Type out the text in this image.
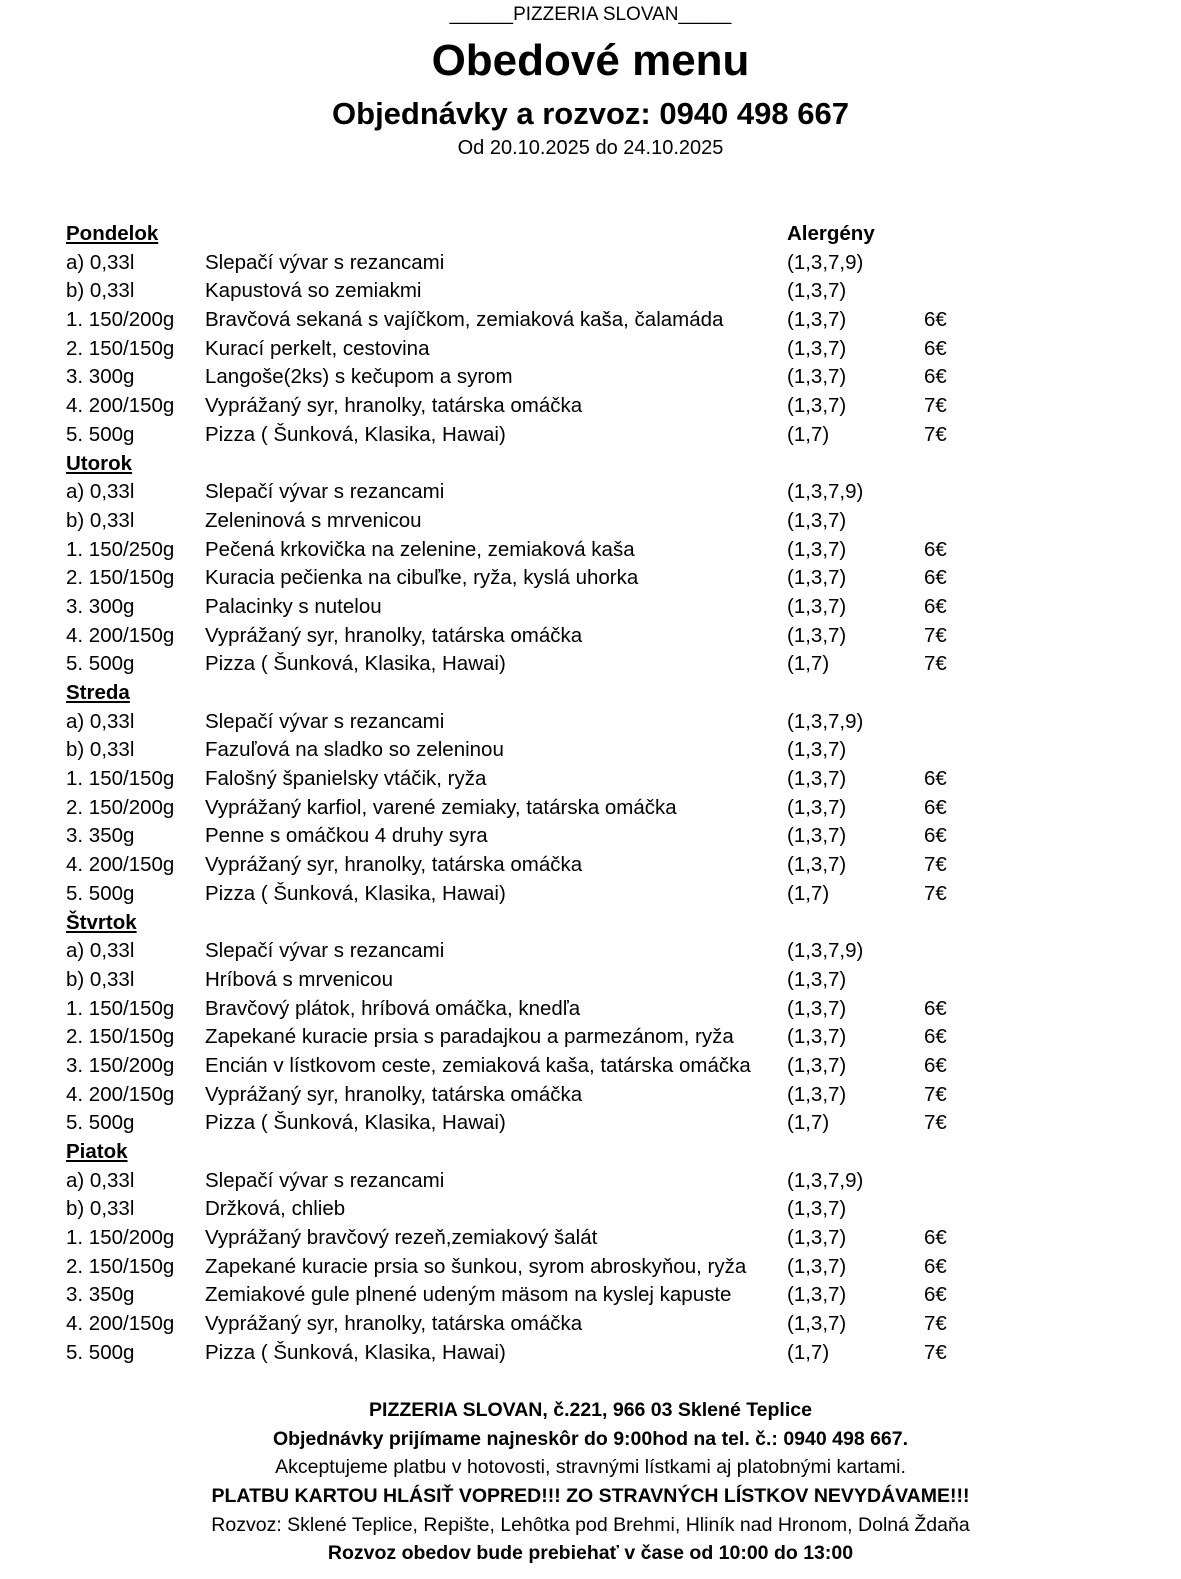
______PIZZERIA SLOVAN_____
Obedové menu
Objednávky a rozvoz: 0940 498 667
Od 20.10.2025 do 24.10.2025
Pondelok	Alergény
a) 0,33l	Slepačí vývar s rezancami	(1,3,7,9)
b) 0,33l	Kapustová so zemiakmi	(1,3,7)
1. 150/200g Bravčová sekaná s vajíčkom, zemiaková kaša, čalamáda	(1,3,7)	6€
2. 150/150g Kurací perkelt, cestovina	(1,3,7)	6€
3. 300g	Langoše(2ks) s kečupom a syrom	(1,3,7)	6€
4. 200/150g Vyprážaný syr, hranolky, tatárska omáčka	(1,3,7)	7€
5. 500g	Pizza ( Šunková, Klasika, Hawai)	(1,7)	7€
Utorok
a) 0,33l	Slepačí vývar s rezancami	(1,3,7,9)
b) 0,33l	Zeleninová s mrvenicou	(1,3,7)
1. 150/250g Pečená krkovička na zelenine, zemiaková kaša	(1,3,7)	6€
2. 150/150g Kuracia pečienka na cibuľke, ryža, kyslá uhorka	(1,3,7)	6€
3. 300g	Palacinky s nutelou	(1,3,7)	6€
4. 200/150g Vyprážaný syr, hranolky, tatárska omáčka	(1,3,7)	7€
5. 500g	Pizza ( Šunková, Klasika, Hawai)	(1,7)	7€
Streda
a) 0,33l	Slepačí vývar s rezancami	(1,3,7,9)
b) 0,33l	Fazuľová na sladko so zeleninou	(1,3,7)
1. 150/150g Falošný španielsky vtáčik, ryža	(1,3,7)	6€
2. 150/200g Vyprážaný karfiol, varené zemiaky, tatárska omáčka	(1,3,7)	6€
3. 350g	Penne s omáčkou 4 druhy syra	(1,3,7)	6€
4. 200/150g Vyprážaný syr, hranolky, tatárska omáčka	(1,3,7)	7€
5. 500g	Pizza ( Šunková, Klasika, Hawai)	(1,7)	7€
Štvrtok
a) 0,33l	Slepačí vývar s rezancami	(1,3,7,9)
b) 0,33l	Hríbová s mrvenicou	(1,3,7)
1. 150/150g Bravčový plátok, hríbová omáčka, knedľa	(1,3,7)	6€
2. 150/150g Zapekané kuracie prsia s paradajkou a parmezánom, ryža	(1,3,7)	6€
3. 150/200g Encián v lístkovom ceste, zemiaková kaša, tatárska omáčka (1,3,7)	6€
4. 200/150g Vyprážaný syr, hranolky, tatárska omáčka	(1,3,7)	7€
5. 500g	Pizza ( Šunková, Klasika, Hawai)	(1,7)	7€
Piatok
a) 0,33l	Slepačí vývar s rezancami	(1,3,7,9)
b) 0,33l	Držková, chlieb	(1,3,7)
1. 150/200g Vyprážaný bravčový rezeň,zemiakový šalát	(1,3,7)	6€
2. 150/150g Zapekané kuracie prsia so šunkou, syrom abroskyňou, ryža (1,3,7)	6€
3. 350g	Zemiakové gule plnené udeným mäsom na kyslej kapuste	(1,3,7)	6€
4. 200/150g Vyprážaný syr, hranolky, tatárska omáčka	(1,3,7)	7€
5. 500g	Pizza ( Šunková, Klasika, Hawai)	(1,7)	7€
PIZZERIA SLOVAN, č.221, 966 03 Sklené Teplice
Objednávky prijímame najneskôr do 9:00hod na tel. č.: 0940 498 667.
Akceptujeme platbu v hotovosti, stravnými lístkami aj platobnými kartami.
PLATBU KARTOU HLÁSIŤ VOPRED!!! ZO STRAVNÝCH LÍSTKOV NEVYDÁVAME!!!
Rozvoz: Sklené Teplice, Repište, Lehôtka pod Brehmi, Hliník nad Hronom, Dolná Ždaňa
Rozvoz obedov bude prebiehať v čase od 10:00 do 13:00
